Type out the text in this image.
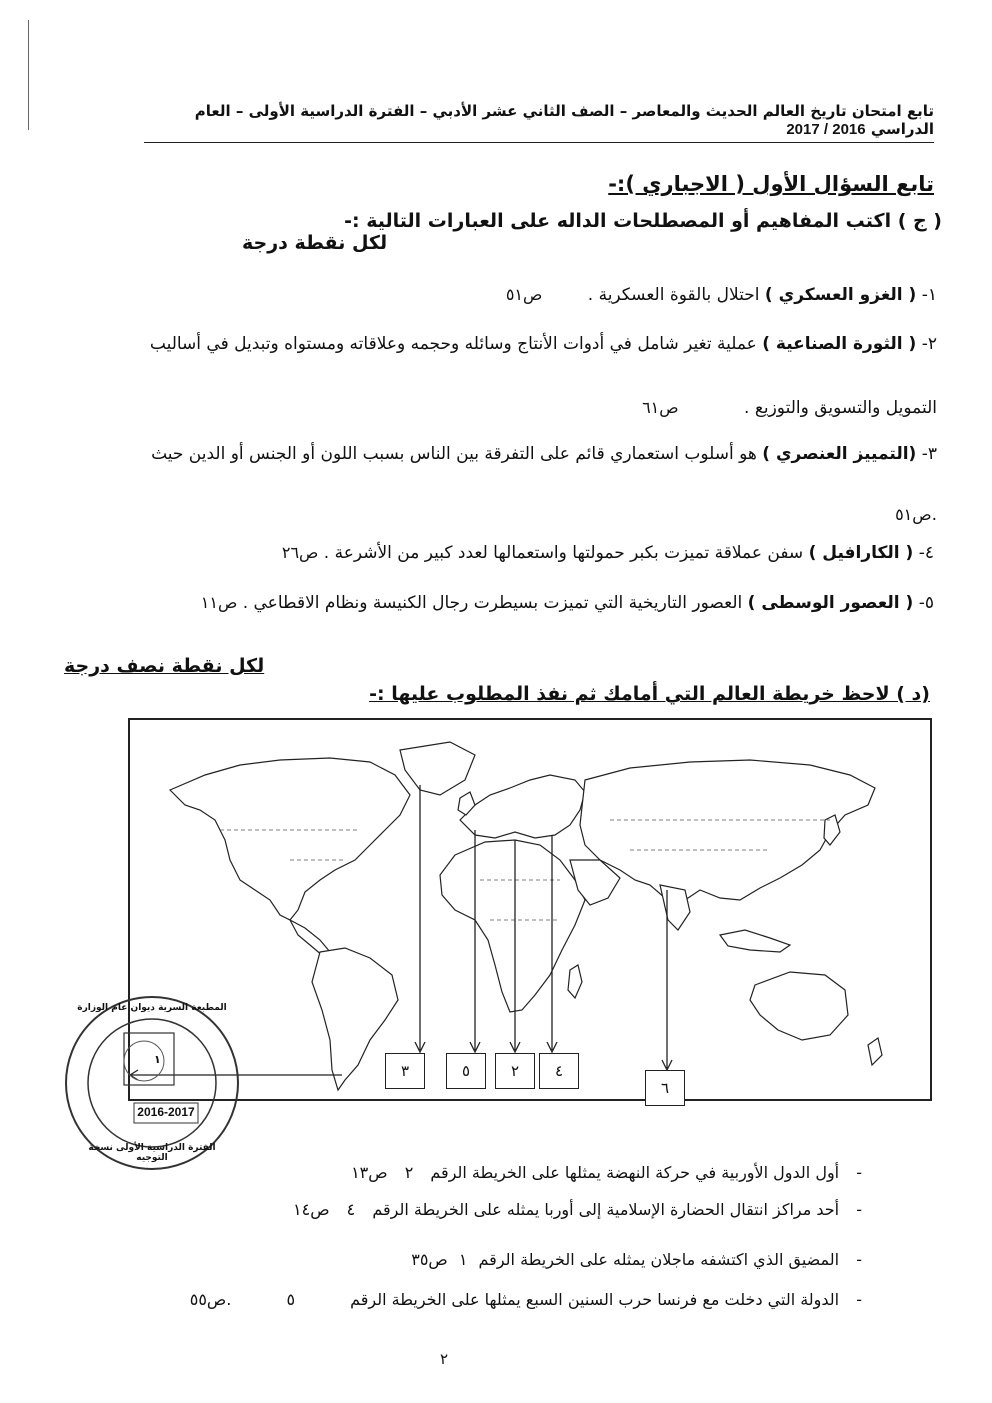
تابع امتحان تاريخ العالم الحديث والمعاصر – الصف الثاني عشر الأدبي – الفترة الدراسية الأولى – العام الدراسي 2016 / 2017
تابع السؤال الأول ( الاجباري ):-
( ج ) اكتب المفاهيم أو المصطلحات الداله على العبارات التالية :-
لكل نقطة درجة
١- ( الغزو العسكري ) احتلال بالقوة العسكرية . ص٥١
٢- ( الثورة الصناعية ) عملية تغير شامل في أدوات الأنتاج وسائله وحجمه وعلاقاته ومستواه وتبديل في أساليب
التمويل والتسويق والتوزيع . ص٦١
٣- (التمييز العنصري ) هو أسلوب استعماري قائم على التفرقة بين الناس بسبب اللون أو الجنس أو الدين حيث
.ص٥١
٤- ( الكارافيل ) سفن عملاقة تميزت بكبر حمولتها واستعمالها لعدد كبير من الأشرعة . ص٢٦
٥- ( العصور الوسطى ) العصور التاريخية التي تميزت بسيطرت رجال الكنيسة ونظام الاقطاعي . ص١١
لكل نقطة نصف درجة
(د ) لاحظ خريطة العالم التي أمامك ثم نفذ المطلوب عليها :-
٣	٥	٢	٤
٦
2016-2017
١
المطبعة السرية ديوان عام الوزارة
الفترة الدراسية الأولى نسخة التوجيه
- أول الدول الأوربية في حركة النهضة يمثلها على الخريطة الرقم ٢ ص١٣
- أحد مراكز انتقال الحضارة الإسلامية إلى أوربا يمثله على الخريطة الرقم ٤ ص١٤
- المضيق الذي اكتشفه ماجلان يمثله على الخريطة الرقم ١ ص٣٥
- الدولة التي دخلت مع فرنسا حرب السنين السبع يمثلها على الخريطة الرقم ٥ .ص٥٥
٢
